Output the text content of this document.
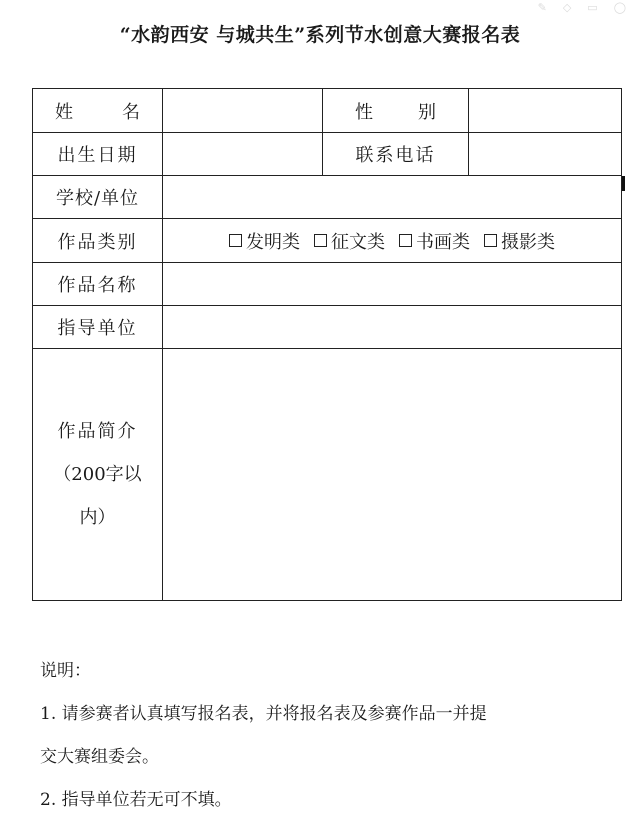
✎ ◇ ▭ ◯
“水韵西安 与城共生”系列节水创意大赛报名表
姓 名		性 别	

出生日期		联系电话	
学校/单位			
作品类别	发明类 征文类 书画类 摄影类		

作品名称			
指导单位			

作品简介
（200字以
内）			

说明：

1. 请参赛者认真填写报名表，并将报名表及参赛作品一并提

交大赛组委会。

2. 指导单位若无可不填。
